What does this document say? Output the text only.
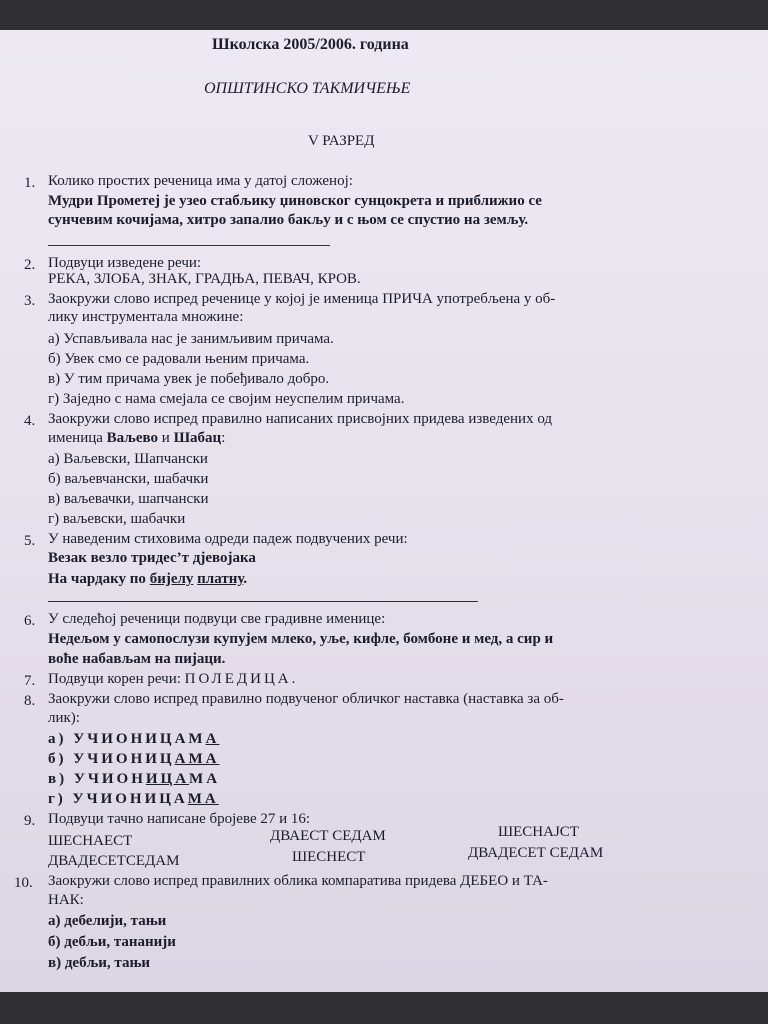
Школска 2005/2006. година
ОПШТИНСКО ТАКМИЧЕЊЕ
V РАЗРЕД
1. Колико простих реченица има у датој сложеној:
Мудри Прометеј је узео стабљику џиновског сунцокрета и приближио се
сунчевим кочијама, хитро запалио бакљу и с њом се спустио на земљу.
2. Подвуци изведене речи:
РЕКА, ЗЛОБА, ЗНАК, ГРАДЊА, ПЕВАЧ, КРОВ.
3. Заокружи слово испред реченице у којој је именица ПРИЧА употребљена у об-
лику инструментала множине:
а) Успављивала нас је занимљивим причама.
б) Увек смо се радовали њеним причама.
в) У тим причама увек је побеђивало добро.
г) Заједно с нама смејала се својим неуспелим причама.
4. Заокружи слово испред правилно написаних присвојних придева изведених од
именица Ваљево и Шабац:
а) Ваљевски, Шапчански
б) ваљевчански, шабачки
в) ваљевачки, шапчански
г) ваљевски, шабачки
5. У наведеним стиховима одреди падеж подвучених речи:
Везак везло тридес’т дјевојака
На чардаку по бијелу платну.
6. У следећој реченици подвуци све градивне именице:
Недељом у самопослузи купујем млеко, уље, кифле, бомбоне и мед, а сир и
воће набављам на пијаци.
7. Подвуци корен речи: ПОЛЕДИЦА.
8. Заокружи слово испред правилно подвученог обличког наставка (наставка за об-
лик):
а) УЧИОНИЦАМА
б) УЧИОНИЦАМА
в) УЧИОНИЦАМА
г) УЧИОНИЦАМА
9. Подвуци тачно написане бројеве 27 и 16:
ШЕСНАЕСТ	ДВАЕСТ СЕДАМ	ШЕСНАЈСТ
ДВАДЕСЕТСЕДАМ	ШЕСНЕСТ	ДВАДЕСЕТ СЕДАМ
10. Заокружи слово испред правилних облика компаратива придева ДЕБЕО и ТА-
НАК:
а) дебелији, тањи
б) дебљи, тананији
в) дебљи, тањи
